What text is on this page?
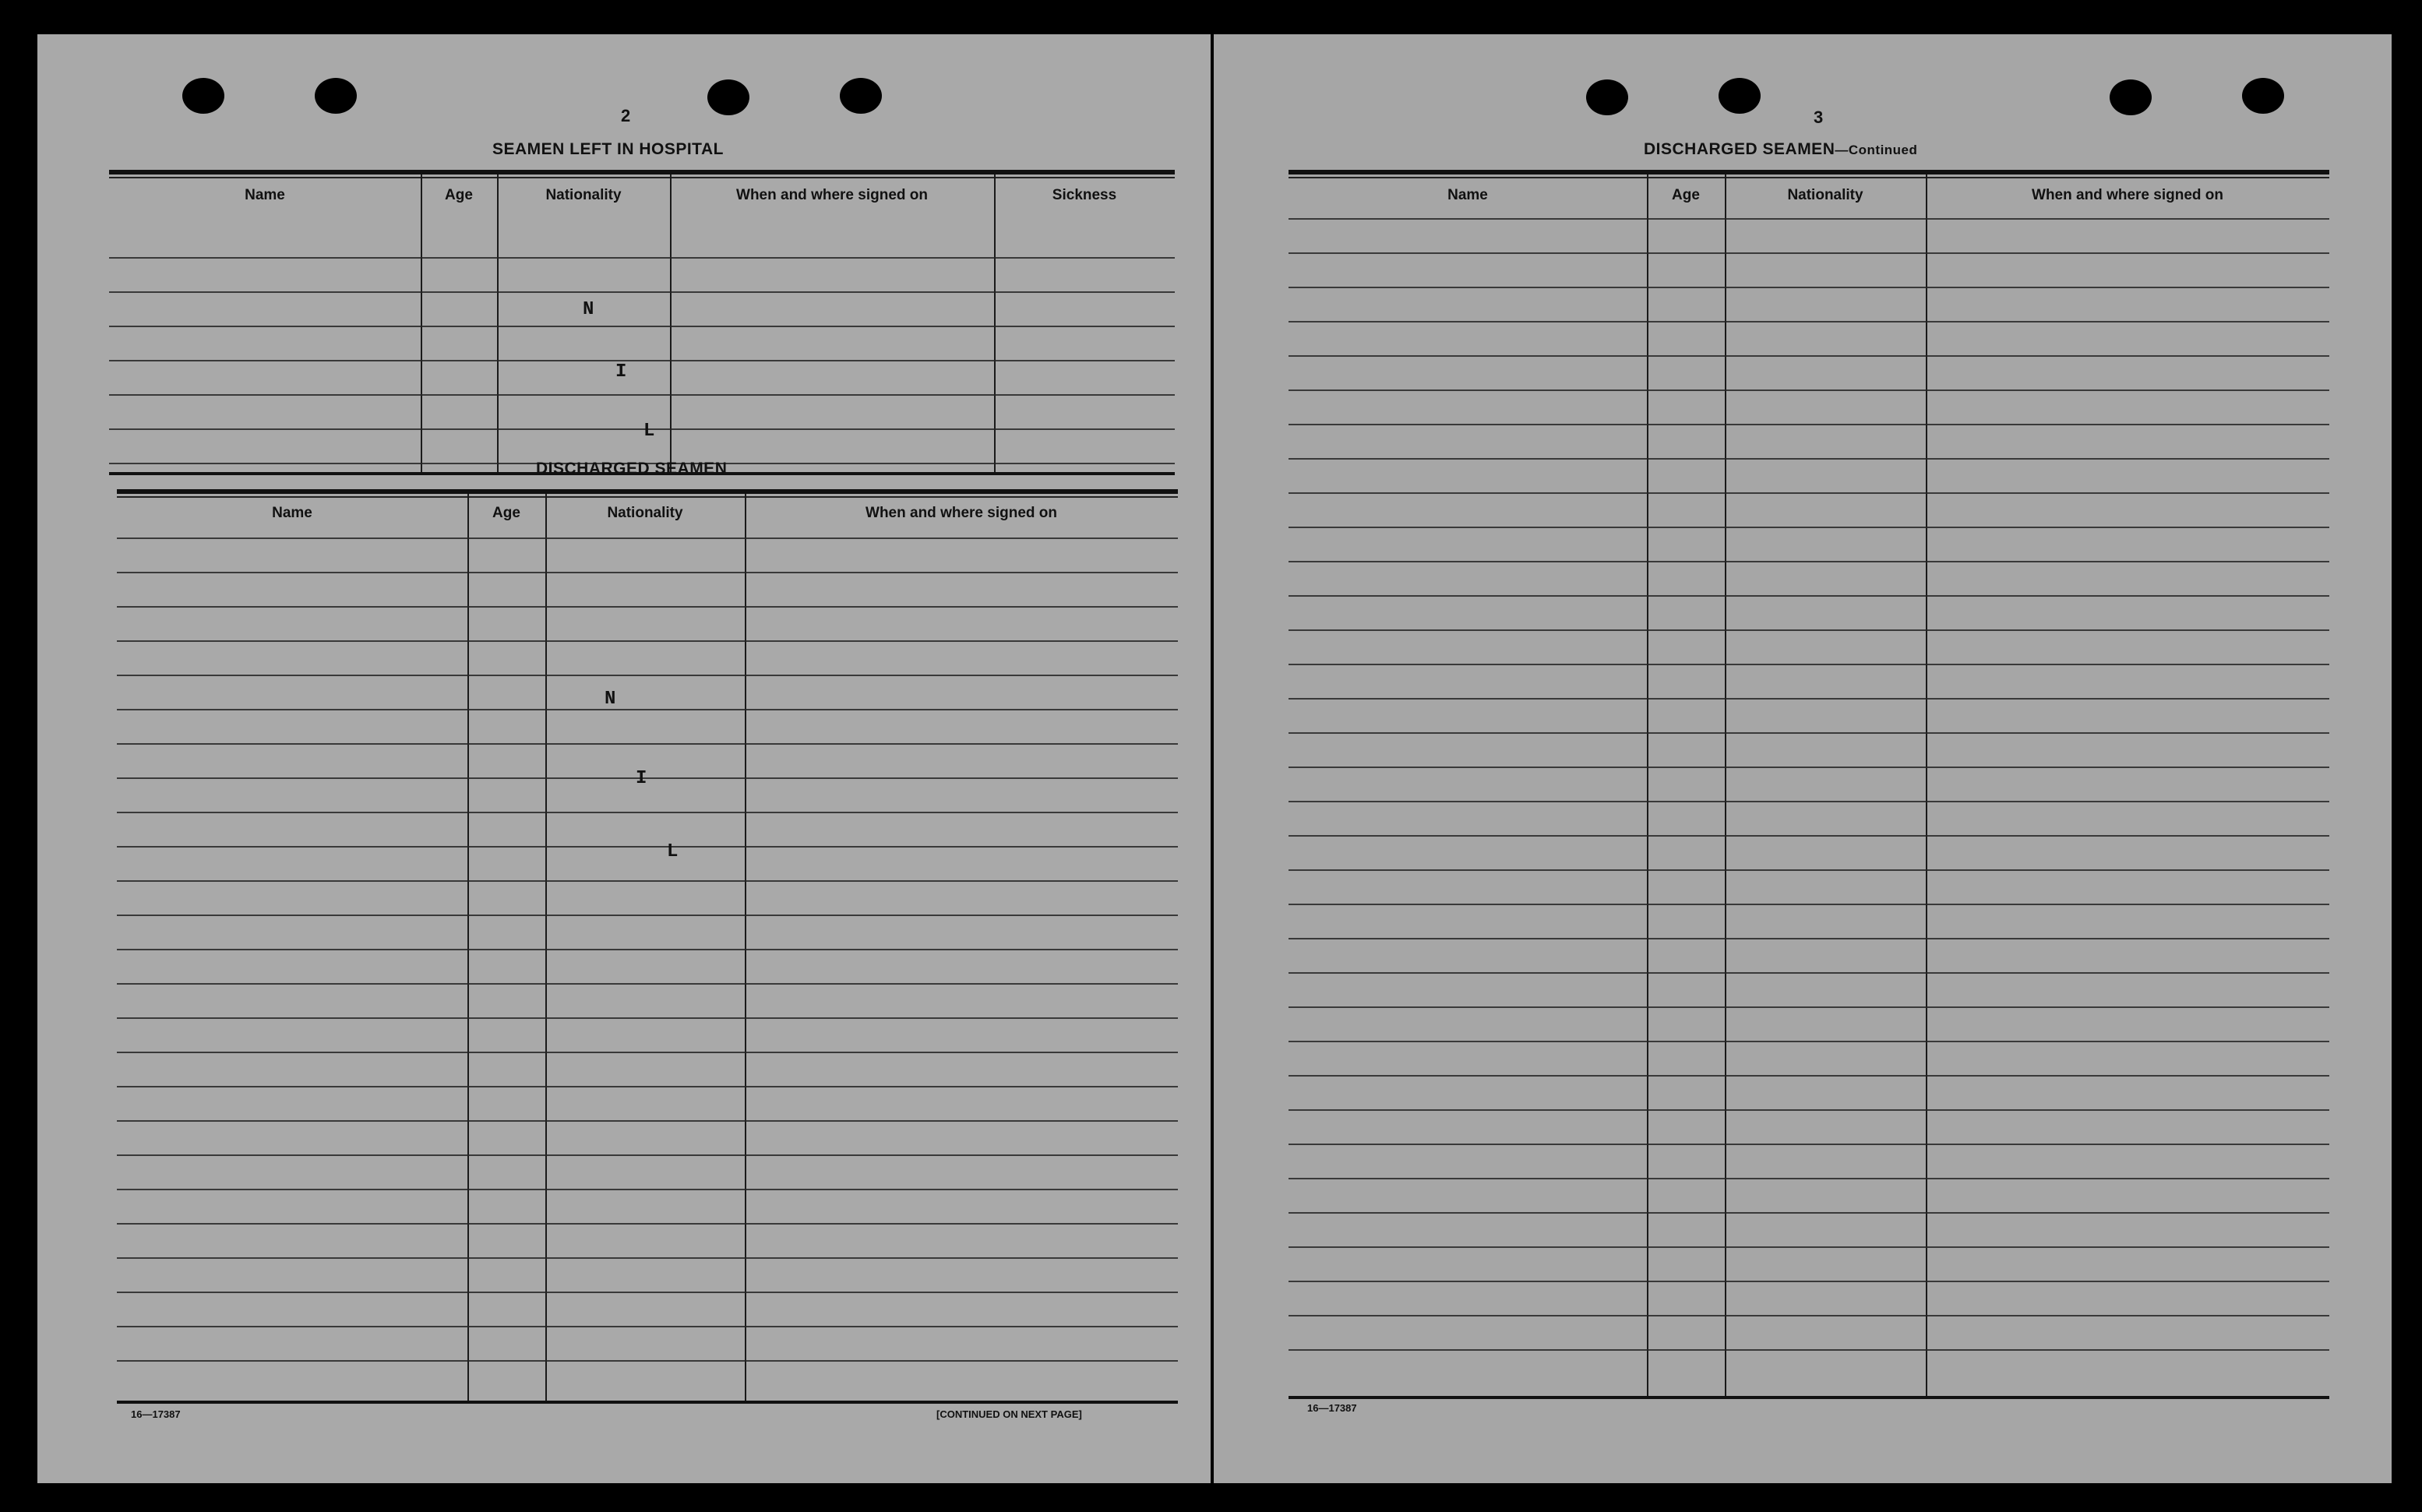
2
SEAMEN LEFT IN HOSPITAL
Name	Age	Nationality	When and where signed on	Sickness
N
I
L
DISCHARGED SEAMEN
Name	Age	Nationality	When and where signed on
N
I
L
16—17387	[CONTINUED ON NEXT PAGE]
3
DISCHARGED SEAMEN—Continued
Name	Age	Nationality	When and where signed on
16—17387
